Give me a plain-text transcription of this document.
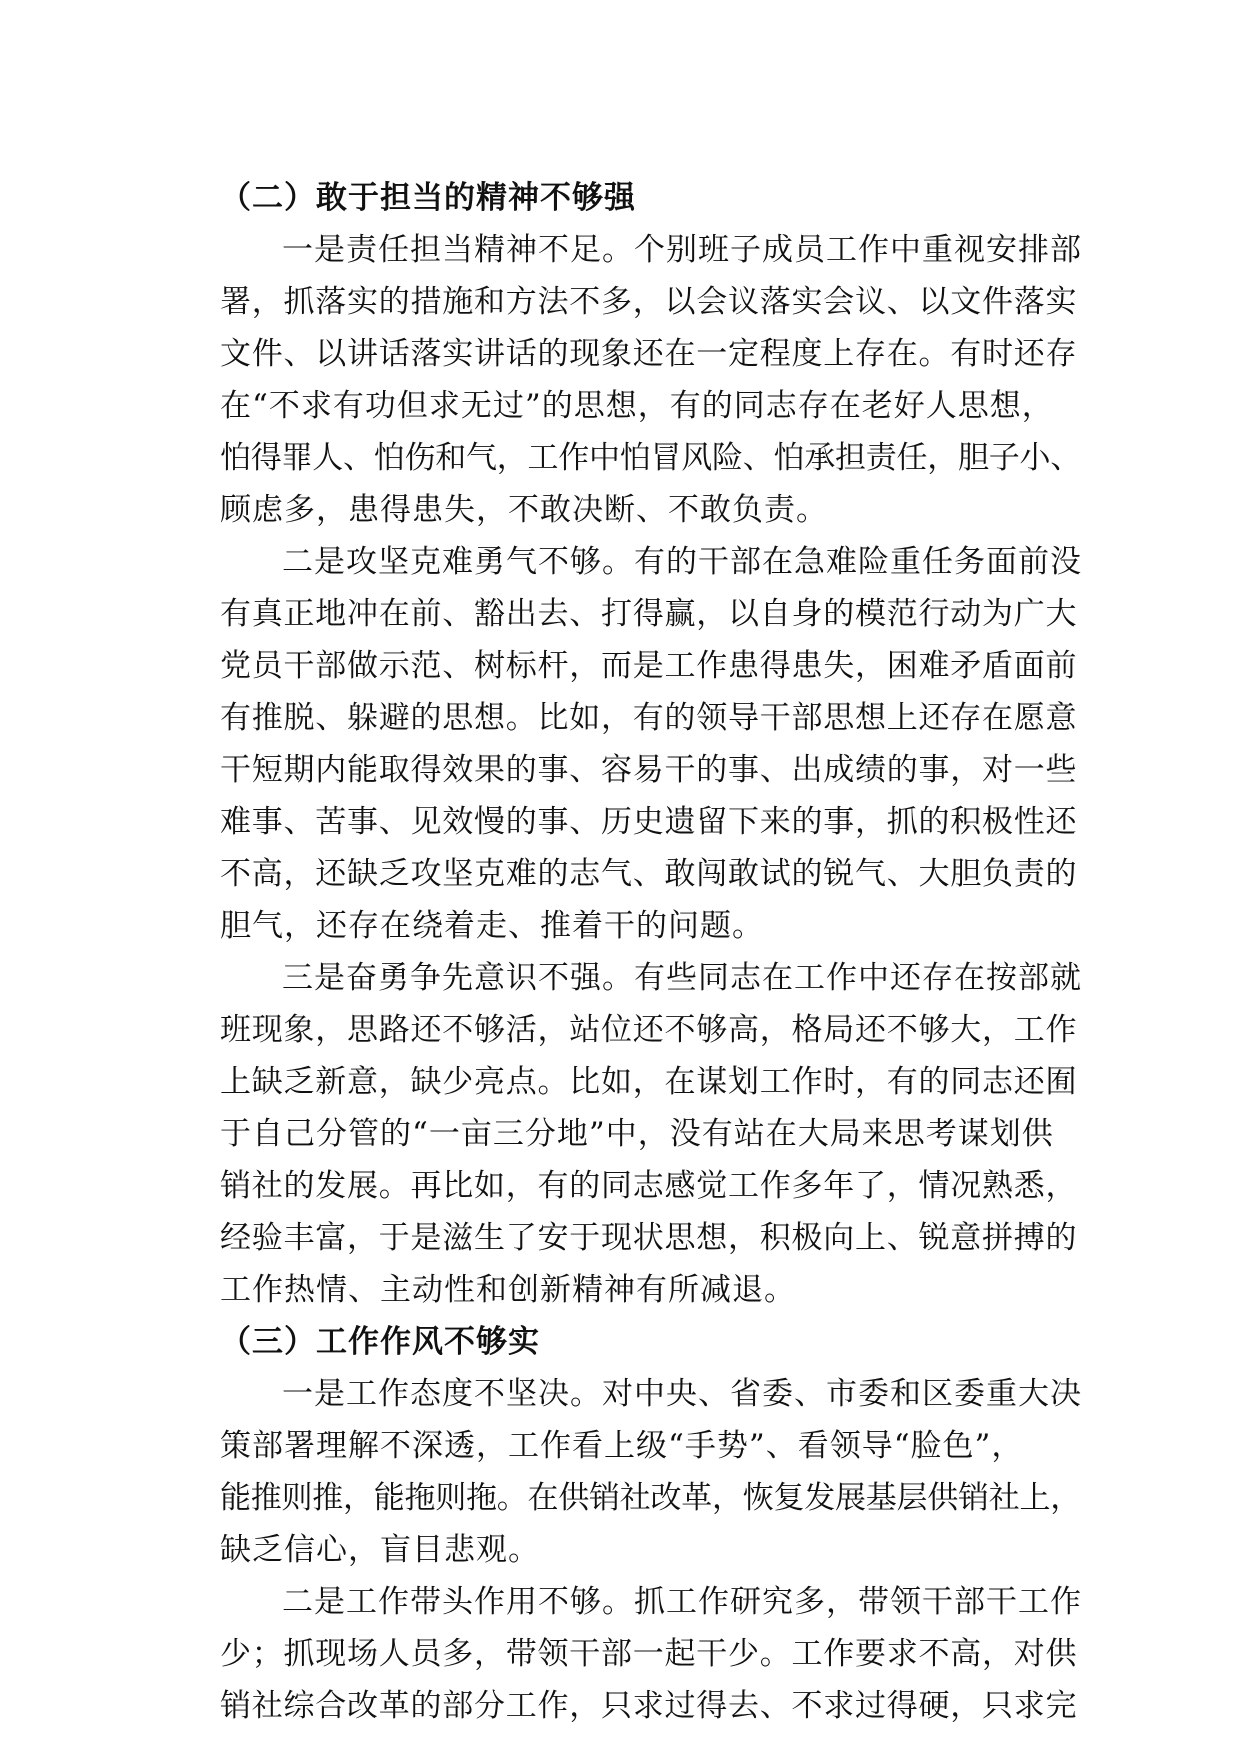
（二）敢于担当的精神不够强
一是责任担当精神不足。个别班子成员工作中重视安排部
署，抓落实的措施和方法不多，以会议落实会议、以文件落实
文件、以讲话落实讲话的现象还在一定程度上存在。有时还存
在“不求有功但求无过”的思想，有的同志存在老好人思想，
怕得罪人、怕伤和气，工作中怕冒风险、怕承担责任，胆子小、
顾虑多，患得患失，不敢决断、不敢负责。
二是攻坚克难勇气不够。有的干部在急难险重任务面前没
有真正地冲在前、豁出去、打得赢，以自身的模范行动为广大
党员干部做示范、树标杆，而是工作患得患失，困难矛盾面前
有推脱、躲避的思想。比如，有的领导干部思想上还存在愿意
干短期内能取得效果的事、容易干的事、出成绩的事，对一些
难事、苦事、见效慢的事、历史遗留下来的事，抓的积极性还
不高，还缺乏攻坚克难的志气、敢闯敢试的锐气、大胆负责的
胆气，还存在绕着走、推着干的问题。
三是奋勇争先意识不强。有些同志在工作中还存在按部就
班现象，思路还不够活，站位还不够高，格局还不够大，工作
上缺乏新意，缺少亮点。比如，在谋划工作时，有的同志还囿
于自己分管的“一亩三分地”中，没有站在大局来思考谋划供
销社的发展。再比如，有的同志感觉工作多年了，情况熟悉，
经验丰富，于是滋生了安于现状思想，积极向上、锐意拼搏的
工作热情、主动性和创新精神有所减退。
（三）工作作风不够实
一是工作态度不坚决。对中央、省委、市委和区委重大决
策部署理解不深透，工作看上级“手势”、看领导“脸色”，
能推则推，能拖则拖。在供销社改革，恢复发展基层供销社上，
缺乏信心，盲目悲观。
二是工作带头作用不够。抓工作研究多，带领干部干工作
少；抓现场人员多，带领干部一起干少。工作要求不高，对供
销社综合改革的部分工作，只求过得去、不求过得硬，只求完
